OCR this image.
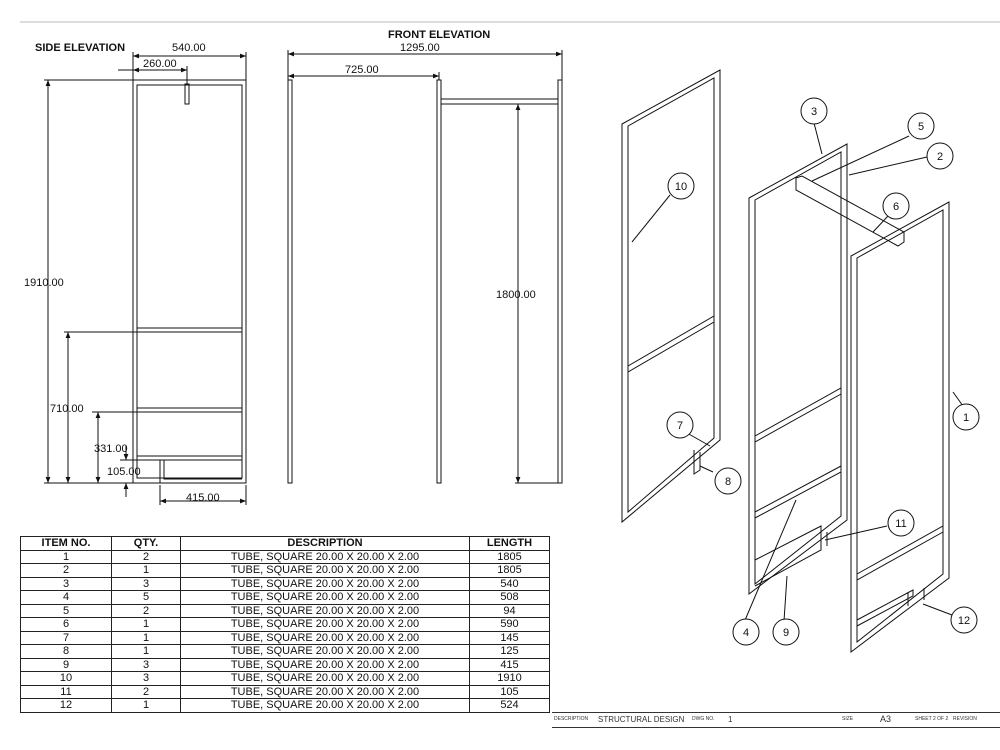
SIDE ELEVATION	540.00
260.00
1910.00
710.00
331.00
105.00
415.00
FRONT ELEVATION
1295.00
725.00
1800.00
1
2
3
4
5
6
7
8
9
10
11
12
ITEM NO.	QTY.	DESCRIPTION	LENGTH
1	2	TUBE, SQUARE 20.00 X 20.00 X 2.00	1805
2	1	TUBE, SQUARE 20.00 X 20.00 X 2.00	1805
3	3	TUBE, SQUARE 20.00 X 20.00 X 2.00	540
4	5	TUBE, SQUARE 20.00 X 20.00 X 2.00	508
5	2	TUBE, SQUARE 20.00 X 20.00 X 2.00	94
6	1	TUBE, SQUARE 20.00 X 20.00 X 2.00	590
7	1	TUBE, SQUARE 20.00 X 20.00 X 2.00	145
8	1	TUBE, SQUARE 20.00 X 20.00 X 2.00	125
9	3	TUBE, SQUARE 20.00 X 20.00 X 2.00	415
10	3	TUBE, SQUARE 20.00 X 20.00 X 2.00	1910
11	2	TUBE, SQUARE 20.00 X 20.00 X 2.00	105
12	1	TUBE, SQUARE 20.00 X 20.00 X 2.00	524
DESCRIPTION STRUCTURAL DESIGN DWG NO. 1	SIZE	A3	SHEET 2 OF 2 REVISION
